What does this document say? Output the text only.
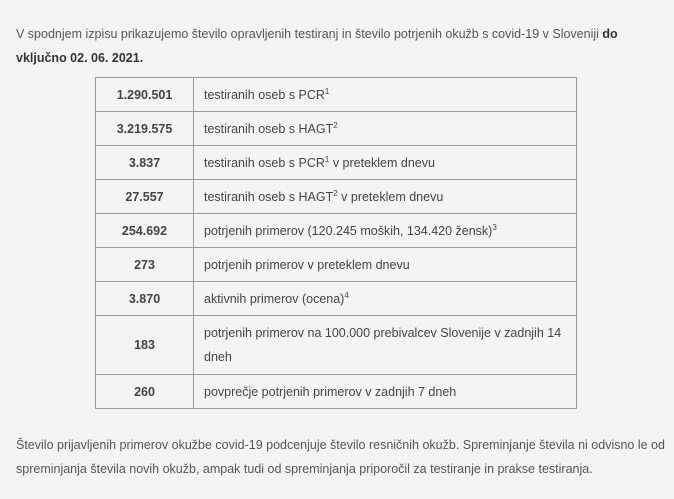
V spodnjem izpisu prikazujemo število opravljenih testiranj in število potrjenih okužb s covid-19 v Sloveniji do vključno 02. 06. 2021.

1.290.501	testiranih oseb s PCR$^1$
3.219.575	testiranih oseb s HAGT$^2$
3.837	testiranih oseb s PCR$^1$ v preteklem dnevu
27.557	testiranih oseb s HAGT$^2$ v preteklem dnevu
254.692	potrjenih primerov (120.245 moških, 134.420 žensk)$^3$
273	potrjenih primerov v preteklem dnevu
3.870	aktivnih primerov (ocena)$^4$
183	potrjenih primerov na 100.000 prebivalcev Slovenije v zadnjih 14 dneh
260	povprečje potrjenih primerov v zadnjih 7 dneh

Število prijavljenih primerov okužbe covid-19 podcenjuje število resničnih okužb. Spreminjanje števila ni odvisno le od spreminjanja števila novih okužb, ampak tudi od spreminjanja priporočil za testiranje in prakse testiranja.
